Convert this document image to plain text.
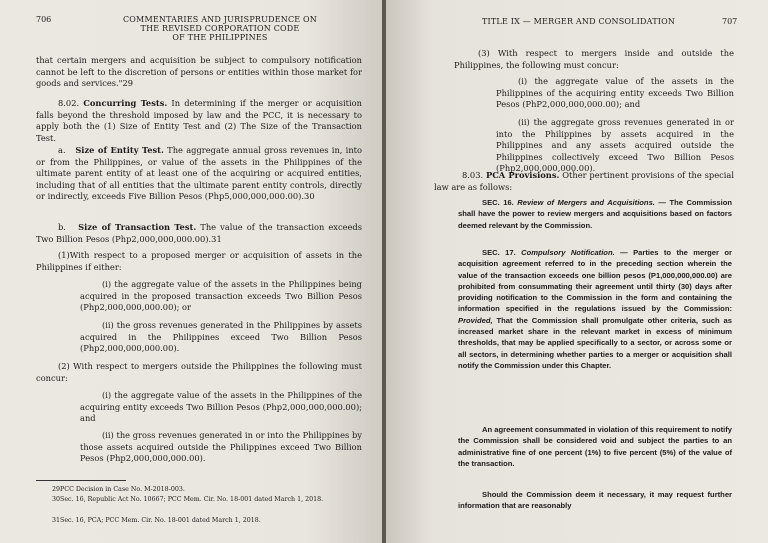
706	COMMENTARIES AND JURISPRUDENCE ON
THE REVISED CORPORATION CODE
OF THE PHILIPPINES

that certain mergers and acquisition be subject to compulsory notification cannot be left to the discretion of persons or entities within those market for goods and services."29

8.02. Concurring Tests. In determining if the merger or acquisition falls beyond the threshold imposed by law and the PCC, it is necessary to apply both the (1) Size of Entity Test and (2) The Size of the Transaction Test.

a. Size of Entity Test. The aggregate annual gross revenues in, into or from the Philippines, or value of the assets in the Philippines of the ultimate parent entity of at least one of the acquiring or acquired entities, including that of all entities that the ultimate parent entity controls, directly or indirectly, exceeds Five Billion Pesos (Php5,000,000,000.00).30

b. Size of Transaction Test. The value of the transaction exceeds Two Billion Pesos (Php2,000,000,000.00).31

(1)With respect to a proposed merger or acquisition of assets in the Philippines if either:

(i) the aggregate value of the assets in the Philippines being acquired in the proposed transaction exceeds Two Billion Pesos (Php2,000,000,000.00); or

(ii) the gross revenues generated in the Philippines by assets acquired in the Philippines exceed Two Billion Pesos (Php2,000,000,000.00).

(2) With respect to mergers outside the Philippines the following must concur:

(i) the aggregate value of the assets in the Philippines of the acquiring entity exceeds Two Billion Pesos (Php2,000,000,000.00); and

(ii) the gross revenues generated in or into the Philippines by those assets acquired outside the Philippines exceed Two Billion Pesos (Php2,000,000,000.00).

29PCC Decision in Case No. M-2018-003.

30Sec. 16, Republic Act No. 10667; PCC Mem. Cir. No. 18-001 dated March 1, 2018.

31Sec. 16, PCA; PCC Mem. Cir. No. 18-001 dated March 1, 2018.

TITLE IX — MERGER AND CONSOLIDATION	707

(3) With respect to mergers inside and outside the Philippines, the following must concur:

(i) the aggregate value of the assets in the Philippines of the acquiring entity exceeds Two Billion Pesos (PhP2,000,000,000.00); and

(ii) the aggregate gross revenues generated in or into the Philippines by assets acquired in the Philippines and any assets acquired outside the Philippines collectively exceed Two Billion Pesos (Php2,000,000,000.00).

8.03. PCA Provisions. Other pertinent provisions of the special law are as follows:

SEC. 16. Review of Mergers and Acquisitions. — The Commission shall have the power to review mergers and acquisitions based on factors deemed relevant by the Commission.

SEC. 17. Compulsory Notification. — Parties to the merger or acquisition agreement referred to in the preceding section wherein the value of the transaction exceeds one billion pesos (P1,000,000,000.00) are prohibited from consummating their agreement until thirty (30) days after providing notification to the Commission in the form and containing the information specified in the regulations issued by the Commission: Provided, That the Commission shall promulgate other criteria, such as increased market share in the relevant market in excess of minimum thresholds, that may be applied specifically to a sector, or across some or all sectors, in determining whether parties to a merger or acquisition shall notify the Commission under this Chapter.

An agreement consummated in violation of this requirement to notify the Commission shall be considered void and subject the parties to an administrative fine of one percent (1%) to five percent (5%) of the value of the transaction.

Should the Commission deem it necessary, it may request further information that are reasonably
